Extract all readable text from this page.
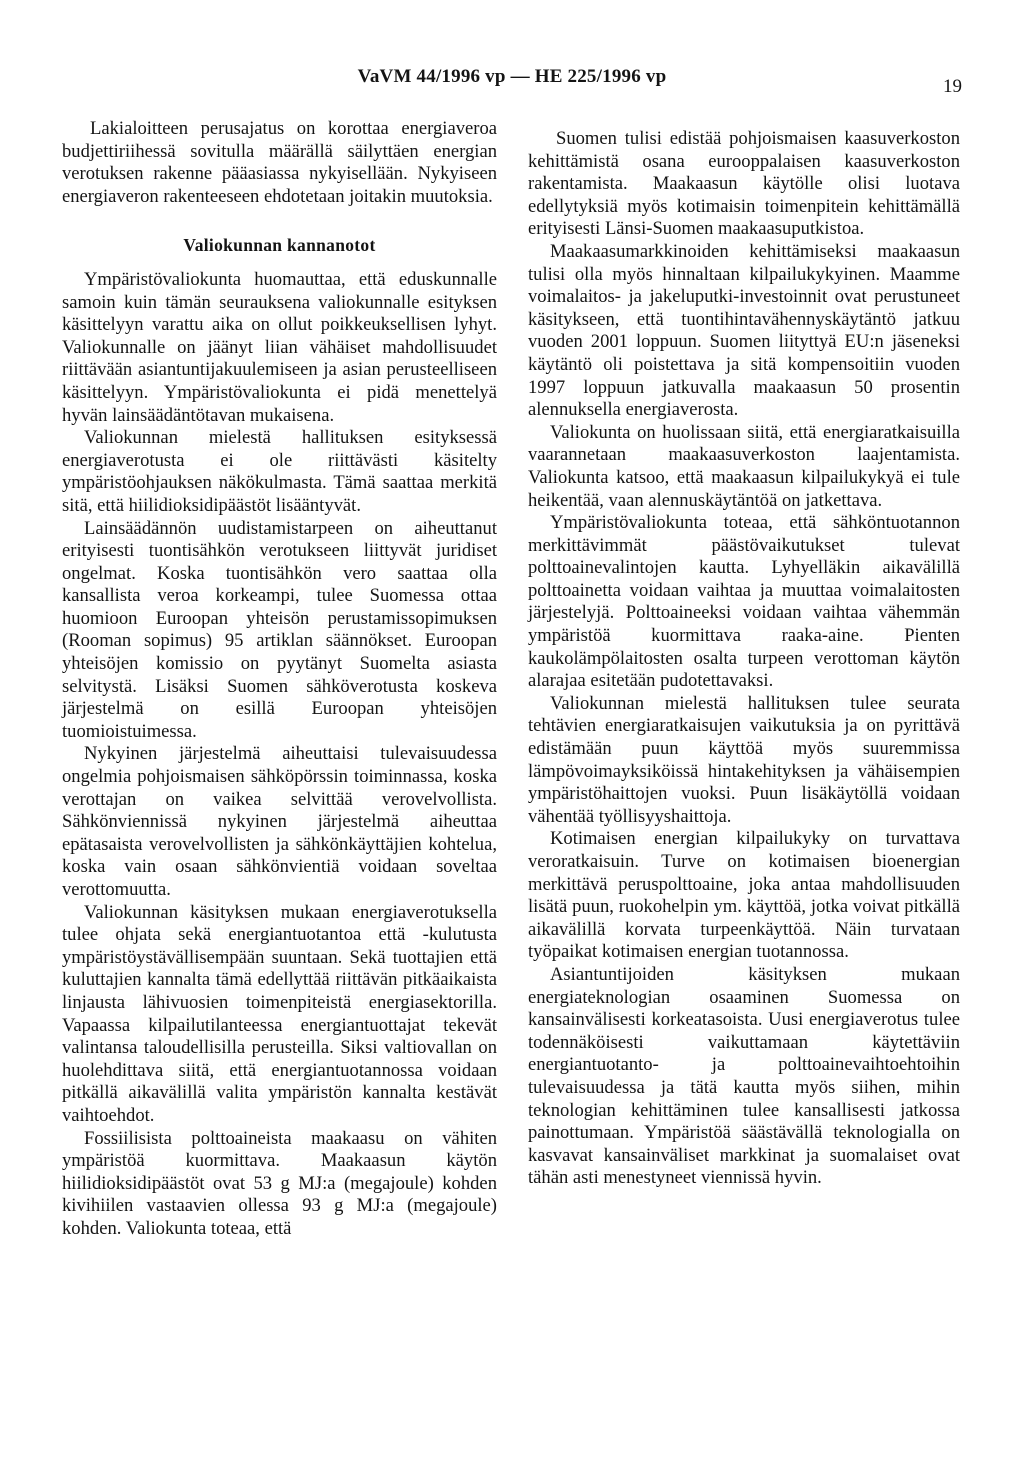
VaVM 44/1996 vp — HE 225/1996 vp	19

Lakialoitteen perusajatus on korottaa energiaveroa budjettiriihessä sovitulla määrällä säilyttäen energian verotuksen rakenne pääasiassa nykyisellään. Nykyiseen energiaveron rakenteeseen ehdotetaan joitakin muutoksia.

Valiokunnan kannanotot

Ympäristövaliokunta huomauttaa, että eduskunnalle samoin kuin tämän seurauksena valiokunnalle esityksen käsittelyyn varattu aika on ollut poikkeuksellisen lyhyt. Valiokunnalle on jäänyt liian vähäiset mahdollisuudet riittävään asiantuntijakuulemiseen ja asian perusteelliseen käsittelyyn. Ympäristövaliokunta ei pidä menettelyä hyvän lainsäädäntötavan mukaisena.

Valiokunnan mielestä hallituksen esityksessä energiaverotusta ei ole riittävästi käsitelty ympäristöohjauksen näkökulmasta. Tämä saattaa merkitä sitä, että hiilidioksidipäästöt lisääntyvät.

Lainsäädännön uudistamistarpeen on aiheuttanut erityisesti tuontisähkön verotukseen liittyvät juridiset ongelmat. Koska tuontisähkön vero saattaa olla kansallista veroa korkeampi, tulee Suomessa ottaa huomioon Euroopan yhteisön perustamissopimuksen (Rooman sopimus) 95 artiklan säännökset. Euroopan yhteisöjen komissio on pyytänyt Suomelta asiasta selvitystä. Lisäksi Suomen sähköverotusta koskeva järjestelmä on esillä Euroopan yhteisöjen tuomioistuimessa.

Nykyinen järjestelmä aiheuttaisi tulevaisuudessa ongelmia pohjoismaisen sähköpörssin toiminnassa, koska verottajan on vaikea selvittää verovelvollista. Sähkönviennissä nykyinen järjestelmä aiheuttaa epätasaista verovelvollisten ja sähkönkäyttäjien kohtelua, koska vain osaan sähkönvientiä voidaan soveltaa verottomuutta.

Valiokunnan käsityksen mukaan energiaverotuksella tulee ohjata sekä energiantuotantoa että -kulutusta ympäristöystävällisempään suuntaan. Sekä tuottajien että kuluttajien kannalta tämä edellyttää riittävän pitkäaikaista linjausta lähivuosien toimenpiteistä energiasektorilla. Vapaassa kilpailutilanteessa energiantuottajat tekevät valintansa taloudellisilla perusteilla. Siksi valtiovallan on huolehdittava siitä, että energiantuotannossa voidaan pitkällä aikavälillä valita ympäristön kannalta kestävät vaihtoehdot.

Fossiilisista polttoaineista maakaasu on vähiten ympäristöä kuormittava. Maakaasun käytön hiilidioksidipäästöt ovat 53 g MJ:a (megajoule) kohden kivihiilen vastaavien ollessa 93 g MJ:a (megajoule) kohden. Valiokunta toteaa, että

Suomen tulisi edistää pohjoismaisen kaasuverkoston kehittämistä osana eurooppalaisen kaasuverkoston rakentamista. Maakaasun käytölle olisi luotava edellytyksiä myös kotimaisin toimenpitein kehittämällä erityisesti Länsi-Suomen maakaasuputkistoa.

Maakaasumarkkinoiden kehittämiseksi maakaasun tulisi olla myös hinnaltaan kilpailukykyinen. Maamme voimalaitos- ja jakeluputki-investoinnit ovat perustuneet käsitykseen, että tuontihintavähennyskäytäntö jatkuu vuoden 2001 loppuun. Suomen liityttyä EU:n jäseneksi käytäntö oli poistettava ja sitä kompensoitiin vuoden 1997 loppuun jatkuvalla maakaasun 50 prosentin alennuksella energiaverosta.

Valiokunta on huolissaan siitä, että energiaratkaisuilla vaarannetaan maakaasuverkoston laajentamista. Valiokunta katsoo, että maakaasun kilpailukykyä ei tule heikentää, vaan alennuskäytäntöä on jatkettava.

Ympäristövaliokunta toteaa, että sähköntuotannon merkittävimmät päästövaikutukset tulevat polttoainevalintojen kautta. Lyhyelläkin aikavälillä polttoainetta voidaan vaihtaa ja muuttaa voimalaitosten järjestelyjä. Polttoaineeksi voidaan vaihtaa vähemmän ympäristöä kuormittava raaka-aine. Pienten kaukolämpölaitosten osalta turpeen verottoman käytön alarajaa esitetään pudotettavaksi.

Valiokunnan mielestä hallituksen tulee seurata tehtävien energiaratkaisujen vaikutuksia ja on pyrittävä edistämään puun käyttöä myös suuremmissa lämpövoimayksiköissä hintakehityksen ja vähäisempien ympäristöhaittojen vuoksi. Puun lisäkäytöllä voidaan vähentää työllisyyshaittoja.

Kotimaisen energian kilpailukyky on turvattava veroratkaisuin. Turve on kotimaisen bioenergian merkittävä peruspolttoaine, joka antaa mahdollisuuden lisätä puun, ruokohelpin ym. käyttöä, jotka voivat pitkällä aikavälillä korvata turpeenkäyttöä. Näin turvataan työpaikat kotimaisen energian tuotannossa.

Asiantuntijoiden käsityksen mukaan energiateknologian osaaminen Suomessa on kansainvälisesti korkeatasoista. Uusi energiaverotus tulee todennäköisesti vaikuttamaan käytettäviin energiantuotanto- ja polttoainevaihtoehtoihin tulevaisuudessa ja tätä kautta myös siihen, mihin teknologian kehittäminen tulee kansallisesti jatkossa painottumaan. Ympäristöä säästävällä teknologialla on kasvavat kansainväliset markkinat ja suomalaiset ovat tähän asti menestyneet viennissä hyvin.
